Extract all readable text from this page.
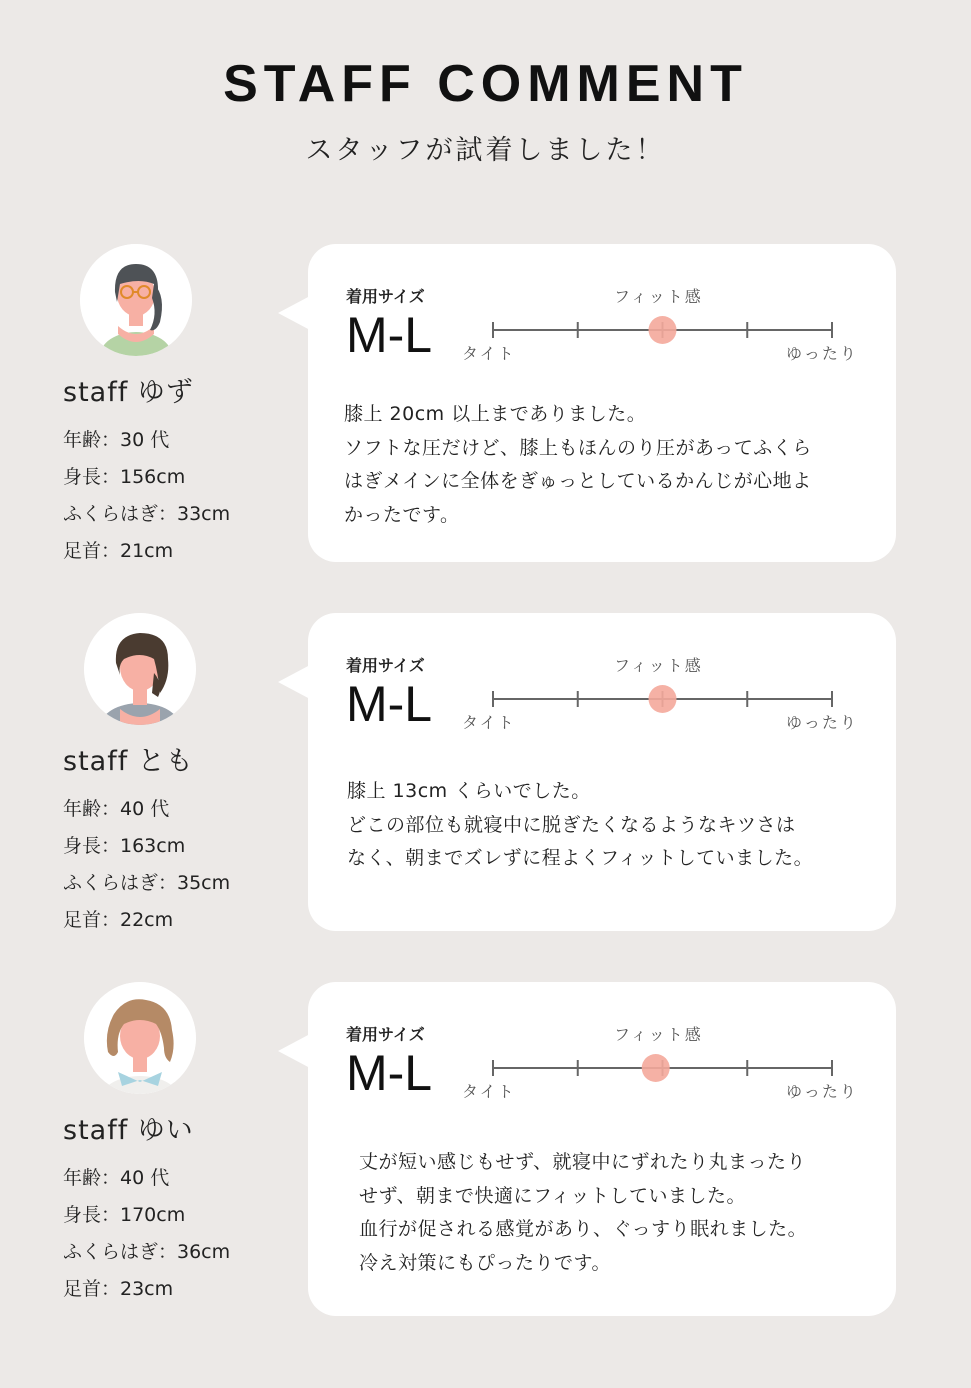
STAFF COMMENT
スタッフが試着しました！
staff ゆず
年齢：30 代
身長：156cm
ふくらはぎ：33cm
足首：21cm
着用サイズ
M-L
フィット感
タイト	ゆったり
膝上 20cm 以上までありました。
ソフトな圧だけど、膝上もほんのり圧があってふくら
はぎメインに全体をぎゅっとしているかんじが心地よ
かったです。
staff とも
年齢：40 代
身長：163cm
ふくらはぎ：35cm
足首：22cm
着用サイズ
M-L
フィット感
タイト	ゆったり
膝上 13cm くらいでした。
どこの部位も就寝中に脱ぎたくなるようなキツさは
なく、朝までズレずに程よくフィットしていました。
staff ゆい
年齢：40 代
身長：170cm
ふくらはぎ：36cm
足首：23cm
着用サイズ
M-L
フィット感
タイト	ゆったり
丈が短い感じもせず、就寝中にずれたり丸まったり
せず、朝まで快適にフィットしていました。
血行が促される感覚があり、ぐっすり眠れました。
冷え対策にもぴったりです。
